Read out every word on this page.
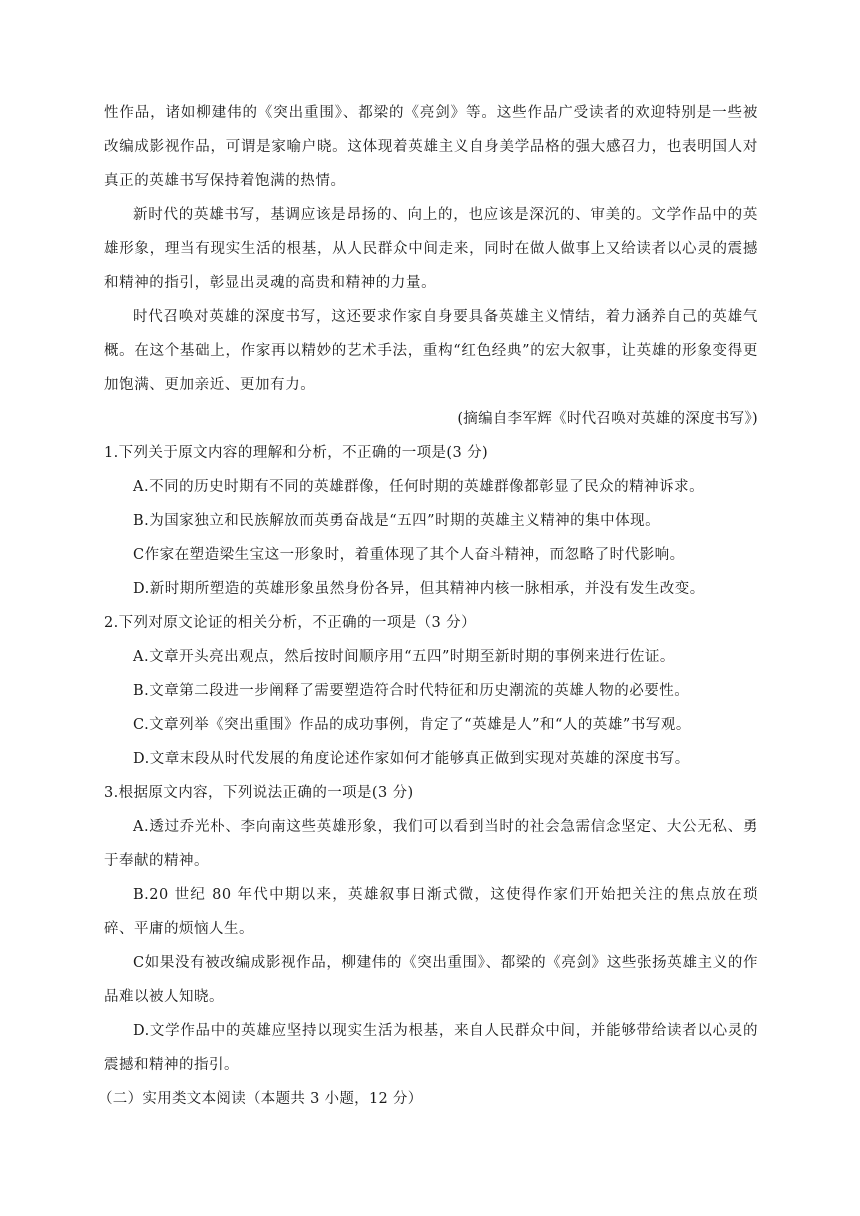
性作品，诸如柳建伟的《突出重围》、都梁的《亮剑》等。这些作品广受读者的欢迎特别是一些被改编成影视作品，可谓是家喻户晓。这体现着英雄主义自身美学品格的强大感召力，也表明国人对真正的英雄书写保持着饱满的热情。

新时代的英雄书写，基调应该是昂扬的、向上的，也应该是深沉的、审美的。文学作品中的英雄形象，理当有现实生活的根基，从人民群众中间走来，同时在做人做事上又给读者以心灵的震撼和精神的指引，彰显出灵魂的高贵和精神的力量。

时代召唤对英雄的深度书写，这还要求作家自身要具备英雄主义情结，着力涵养自己的英雄气概。在这个基础上，作家再以精妙的艺术手法，重构“红色经典”的宏大叙事，让英雄的形象变得更加饱满、更加亲近、更加有力。

(摘编自李军辉《时代召唤对英雄的深度书写》)

1.下列关于原文内容的理解和分析，不正确的一项是(3 分)

A.不同的历史时期有不同的英雄群像，任何时期的英雄群像都彰显了民众的精神诉求。

B.为国家独立和民族解放而英勇奋战是“五四”时期的英雄主义精神的集中体现。

C作家在塑造梁生宝这一形象时，着重体现了其个人奋斗精神，而忽略了时代影响。

D.新时期所塑造的英雄形象虽然身份各异，但其精神内核一脉相承，并没有发生改变。

2.下列对原文论证的相关分析，不正确的一项是（3 分）

A.文章开头亮出观点，然后按时间顺序用“五四”时期至新时期的事例来进行佐证。

B.文章第二段进一步阐释了需要塑造符合时代特征和历史潮流的英雄人物的必要性。

C.文章列举《突出重围》作品的成功事例，肯定了“英雄是人”和“人的英雄”书写观。

D.文章末段从时代发展的角度论述作家如何才能够真正做到实现对英雄的深度书写。

3.根据原文内容，下列说法正确的一项是(3 分)

A.透过乔光朴、李向南这些英雄形象，我们可以看到当时的社会急需信念坚定、大公无私、勇于奉献的精神。

B.20 世纪 80 年代中期以来，英雄叙事日渐式微，这使得作家们开始把关注的焦点放在琐碎、平庸的烦恼人生。

C如果没有被改编成影视作品，柳建伟的《突出重围》、都梁的《亮剑》这些张扬英雄主义的作品难以被人知晓。

D.文学作品中的英雄应坚持以现实生活为根基，来自人民群众中间，并能够带给读者以心灵的震撼和精神的指引。

（二）实用类文本阅读（本题共 3 小题，12 分）
